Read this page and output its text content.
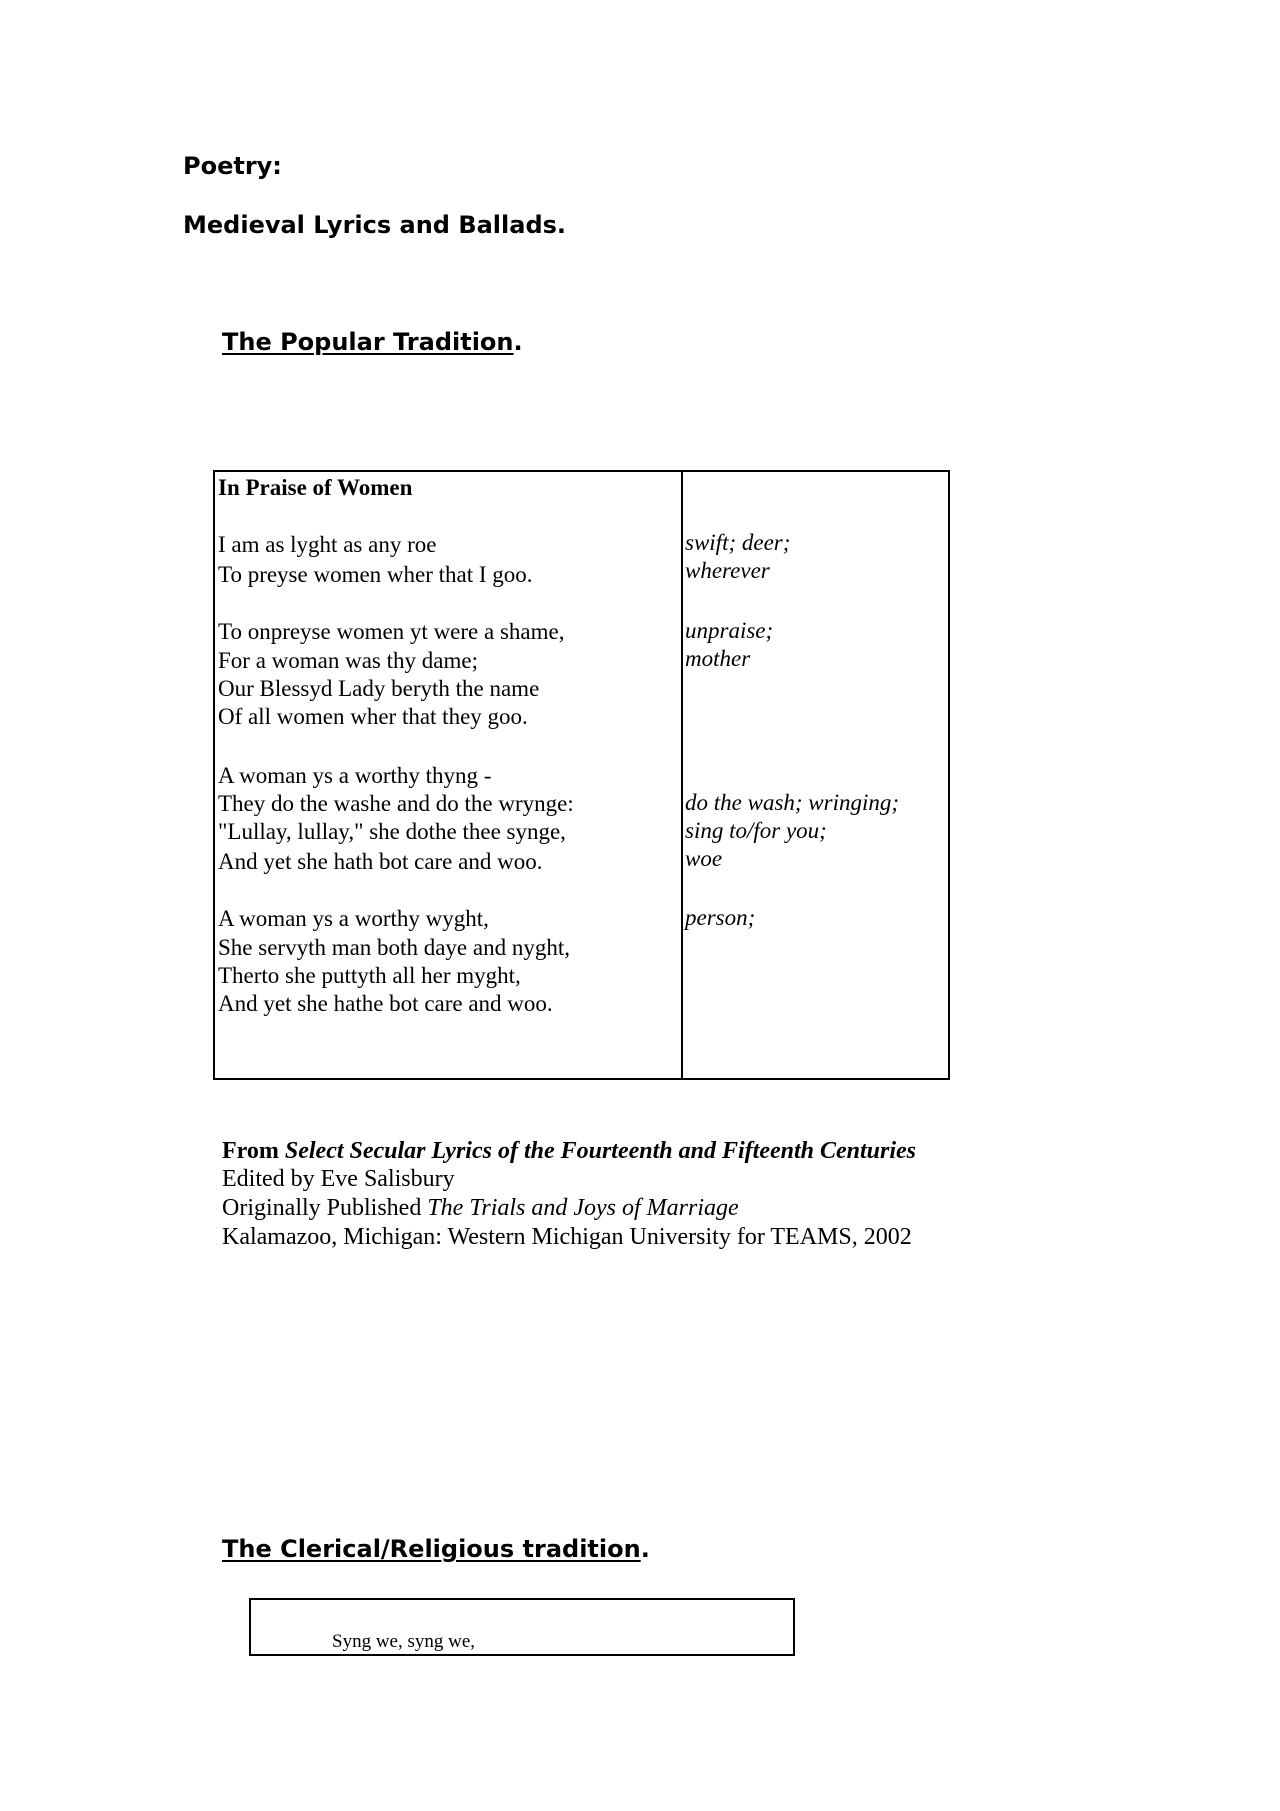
Poetry:
Medieval Lyrics and Ballads.
The Popular Tradition.
In Praise of Women
I am as lyght as any roe
To preyse women wher that I goo.
To onpreyse women yt were a shame,
For a woman was thy dame;
Our Blessyd Lady beryth the name
Of all women wher that they goo.
A woman ys a worthy thyng -
They do the washe and do the wrynge:
"Lullay, lullay," she dothe thee synge,
And yet she hath bot care and woo.
A woman ys a worthy wyght,
She servyth man both daye and nyght,
Therto she puttyth all her myght,
And yet she hathe bot care and woo.
swift; deer;
wherever
unpraise;
mother
do the wash; wringing;
sing to/for you;
woe
person;
From Select Secular Lyrics of the Fourteenth and Fifteenth Centuries
Edited by Eve Salisbury
Originally Published The Trials and Joys of Marriage
Kalamazoo, Michigan: Western Michigan University for TEAMS, 2002
The Clerical/Religious tradition.
Syng we, syng we,
